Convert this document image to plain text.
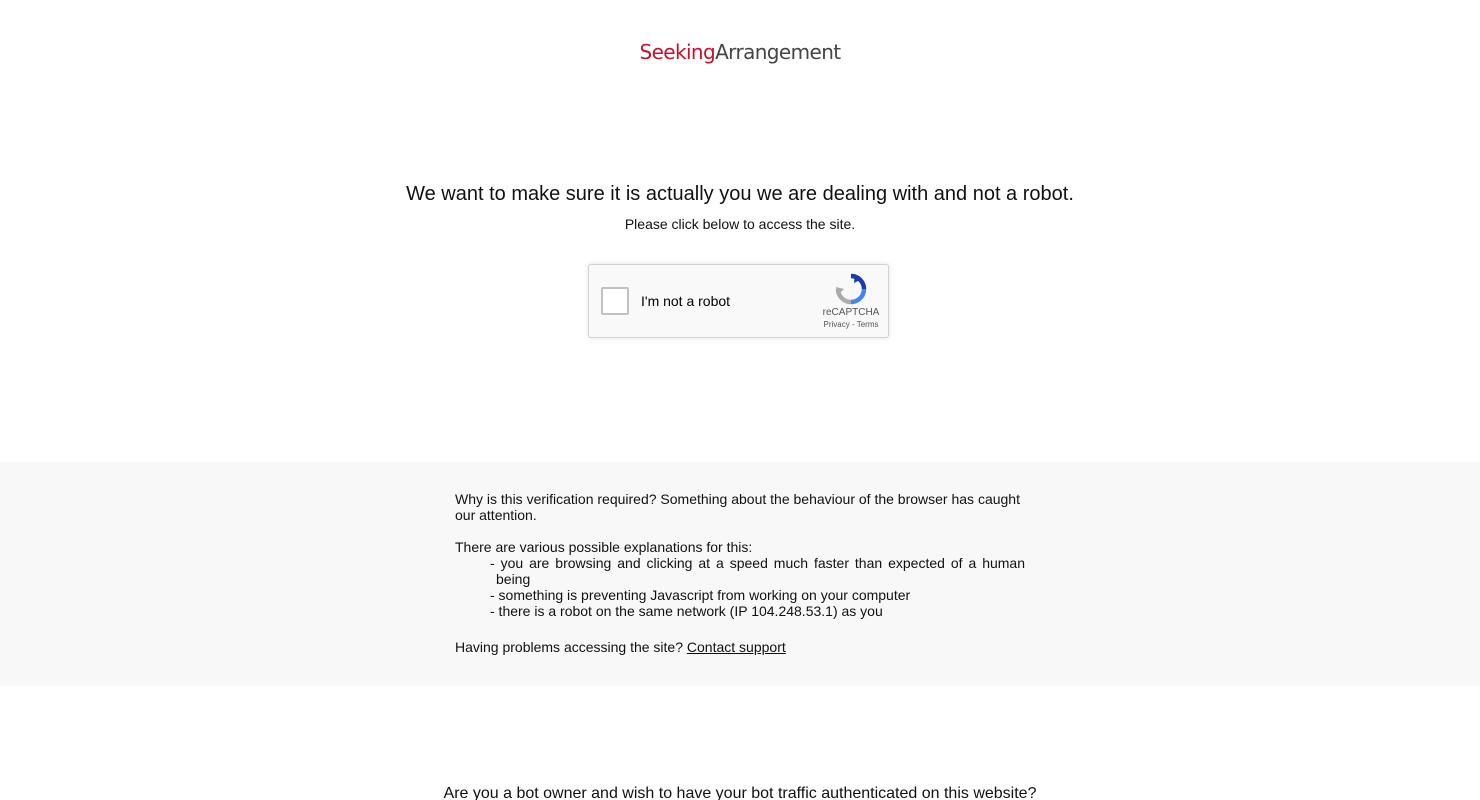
SeekingArrangement
We want to make sure it is actually you we are dealing with and not a robot.
Please click below to access the site.
I'm not a robot
reCAPTCHA
Privacy - Terms

Why is this verification required? Something about the behaviour of the browser has caught our attention.

There are various possible explanations for this:

- you are browsing and clicking at a speed much faster than expected of a human being
- something is preventing Javascript from working on your computer
- there is a robot on the same network (IP 104.248.53.1) as you

Having problems accessing the site? Contact support

Are you a bot owner and wish to have your bot traffic authenticated on this website?
